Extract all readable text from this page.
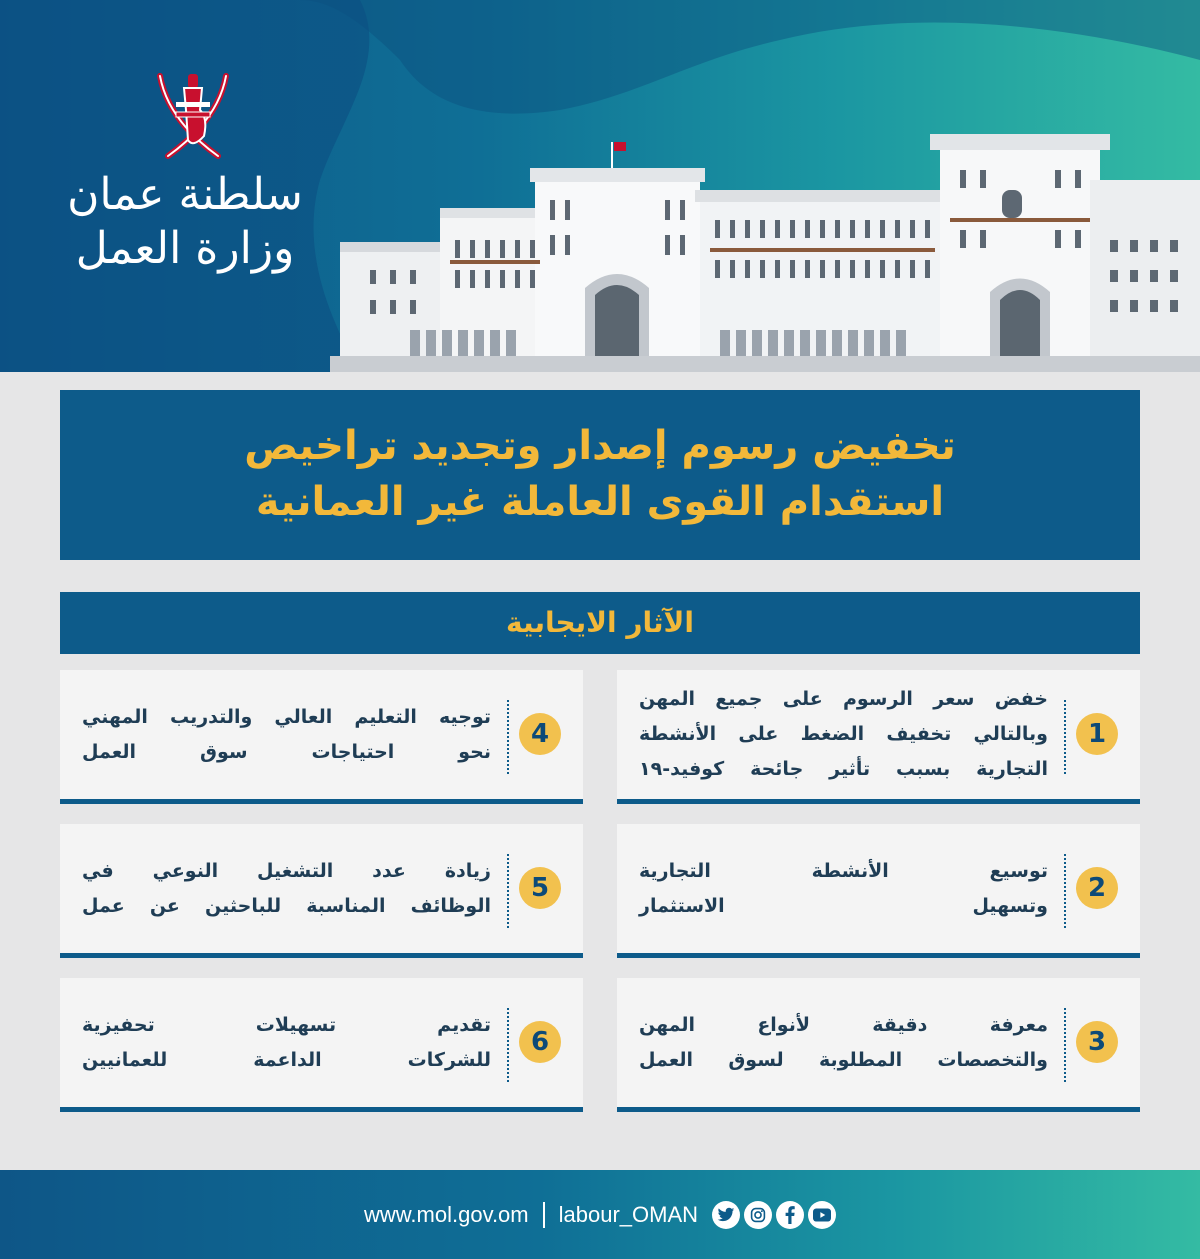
سلطنة عمان
وزارة العمل
تخفيض رسوم إصدار وتجديد تراخيص
استقدام القوى العاملة غير العمانية
الآثار الايجابية
1
خفض سعر الرسوم على جميع المهن
وبالتالي تخفيف الضغط على الأنشطة
التجارية بسبب تأثير جائحة كوفيد-١٩
2
توسيع الأنشطة التجارية
وتسهيل الاستثمار
3
معرفة دقيقة لأنواع المهن
والتخصصات المطلوبة لسوق العمل
4
توجيه التعليم العالي والتدريب المهني
نحو احتياجات سوق العمل
5
زيادة عدد التشغيل النوعي في
الوظائف المناسبة للباحثين عن عمل
6
تقديم تسهيلات تحفيزية
للشركات الداعمة للعمانيين
www.mol.gov.om labour_OMAN
